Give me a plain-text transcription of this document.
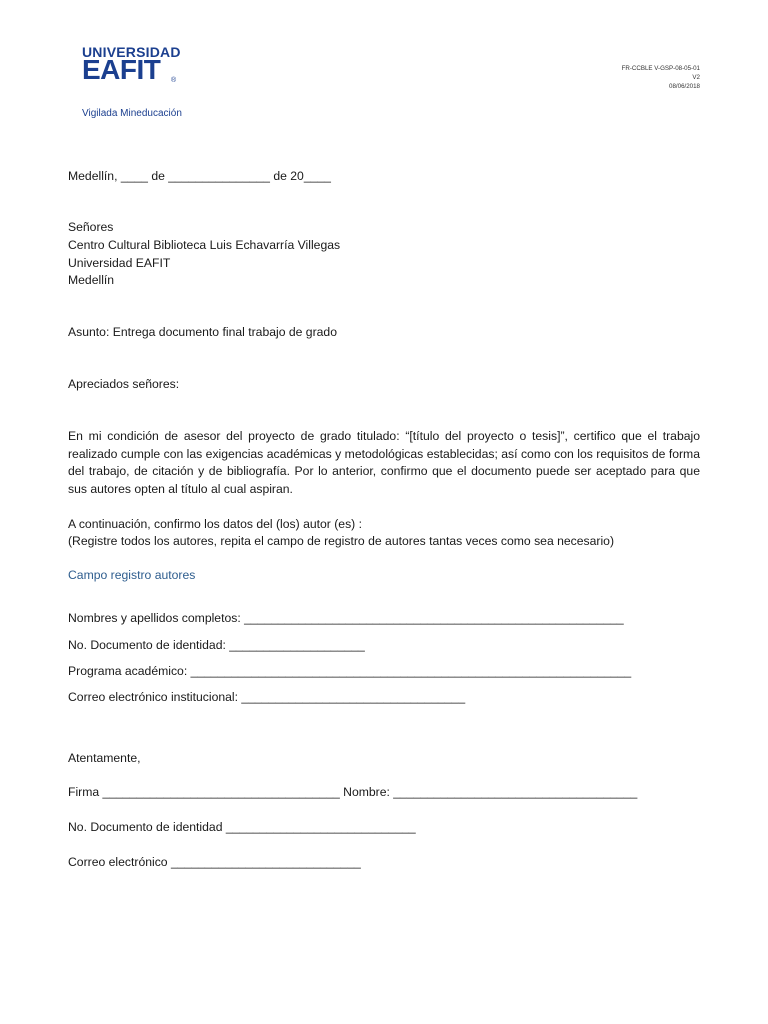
UNIVERSIDAD
EAFIT ®
Vigilada Mineducación
FR-CCBLE V-GSP-08-05-01
V2
08/06/2018
Medellín, ____ de _______________ de 20____
Señores
Centro Cultural Biblioteca Luis Echavarría Villegas
Universidad EAFIT
Medellín
Asunto: Entrega documento final trabajo de grado
Apreciados señores:
En mi condición de asesor del proyecto de grado titulado: “[título del proyecto o tesis]”, certifico que el trabajo realizado cumple con las exigencias académicas y metodológicas establecidas; así como con los requisitos de forma del trabajo, de citación y de bibliografía. Por lo anterior, confirmo que el documento puede ser aceptado para que sus autores opten al título al cual aspiran.
A continuación, confirmo los datos del (los) autor (es) :
(Registre todos los autores, repita el campo de registro de autores tantas veces como sea necesario)
Campo registro autores
Nombres y apellidos completos: ________________________________________________________
No. Documento de identidad: ____________________
Programa académico: _________________________________________________________________
Correo electrónico institucional: _________________________________
Atentamente,
Firma ___________________________________ Nombre: ____________________________________
No. Documento de identidad ____________________________
Correo electrónico ____________________________
